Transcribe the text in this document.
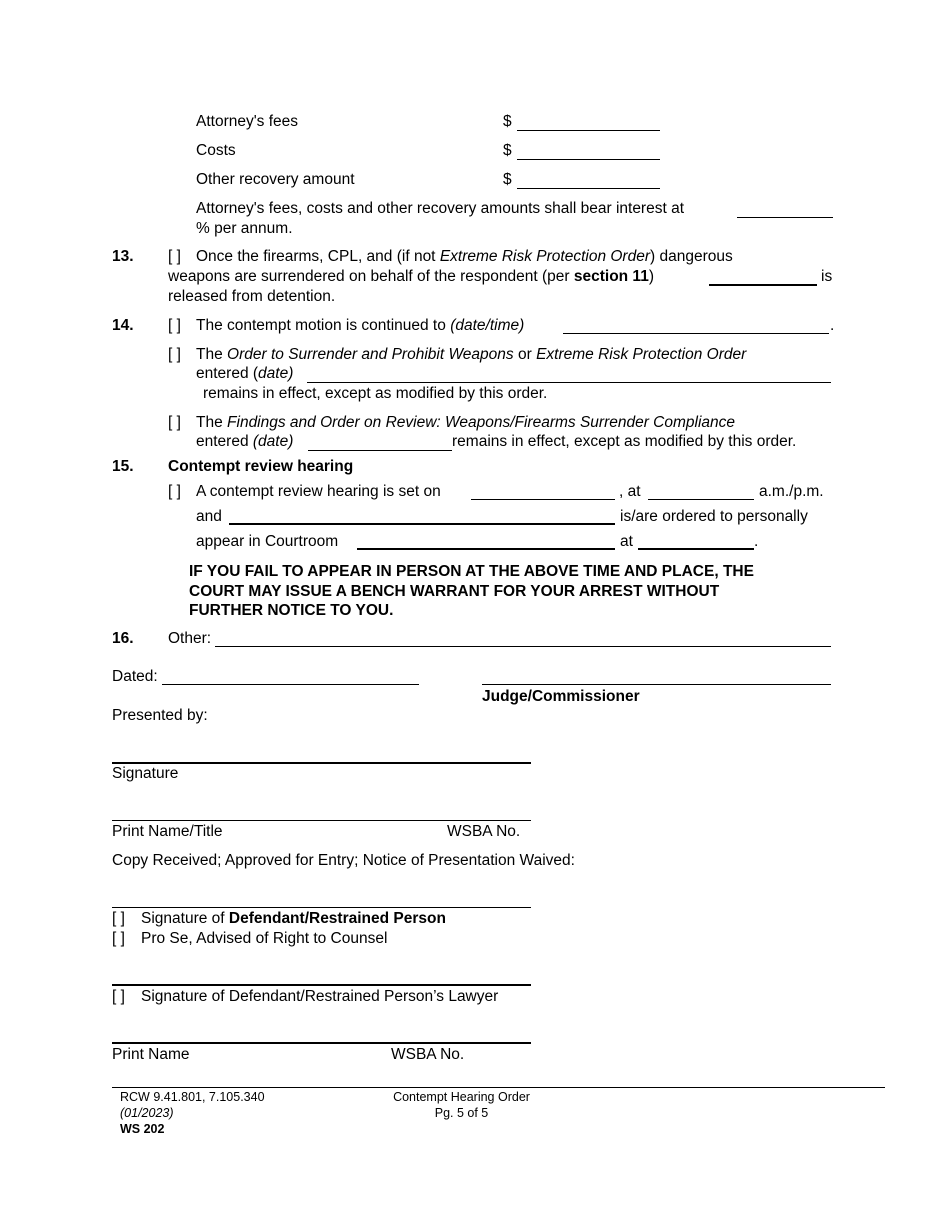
Attorney's fees	$
Costs	$
Other recovery amount	$
Attorney's fees, costs and other recovery amounts shall bear interest at
% per annum.
13. [ ] Once the firearms, CPL, and (if not Extreme Risk Protection Order) dangerous
weapons are surrendered on behalf of the respondent (per section 11)	is
released from detention.
14. [ ] The contempt motion is continued to (date/time)	.
[ ] The Order to Surrender and Prohibit Weapons or Extreme Risk Protection Order
entered (date)
remains in effect, except as modified by this order.
[ ] The Findings and Order on Review: Weapons/Firearms Surrender Compliance
entered (date)	remains in effect, except as modified by this order.
15. Contempt review hearing
[ ] A contempt review hearing is set on	, at	a.m./p.m.
and	is/are ordered to personally
appear in Courtroom	at	.
IF YOU FAIL TO APPEAR IN PERSON AT THE ABOVE TIME AND PLACE, THE
COURT MAY ISSUE A BENCH WARRANT FOR YOUR ARREST WITHOUT
FURTHER NOTICE TO YOU.
16. Other:
Dated:
Judge/Commissioner
Presented by:
Signature
Print Name/Title	WSBA No.
Copy Received; Approved for Entry; Notice of Presentation Waived:
[ ] Signature of Defendant/Restrained Person
[ ] Pro Se, Advised of Right to Counsel
[ ] Signature of Defendant/Restrained Person’s Lawyer
Print Name	WSBA No.
RCW 9.41.801, 7.105.340
(01/2023)
WS 202
Contempt Hearing Order
Pg. 5 of 5
